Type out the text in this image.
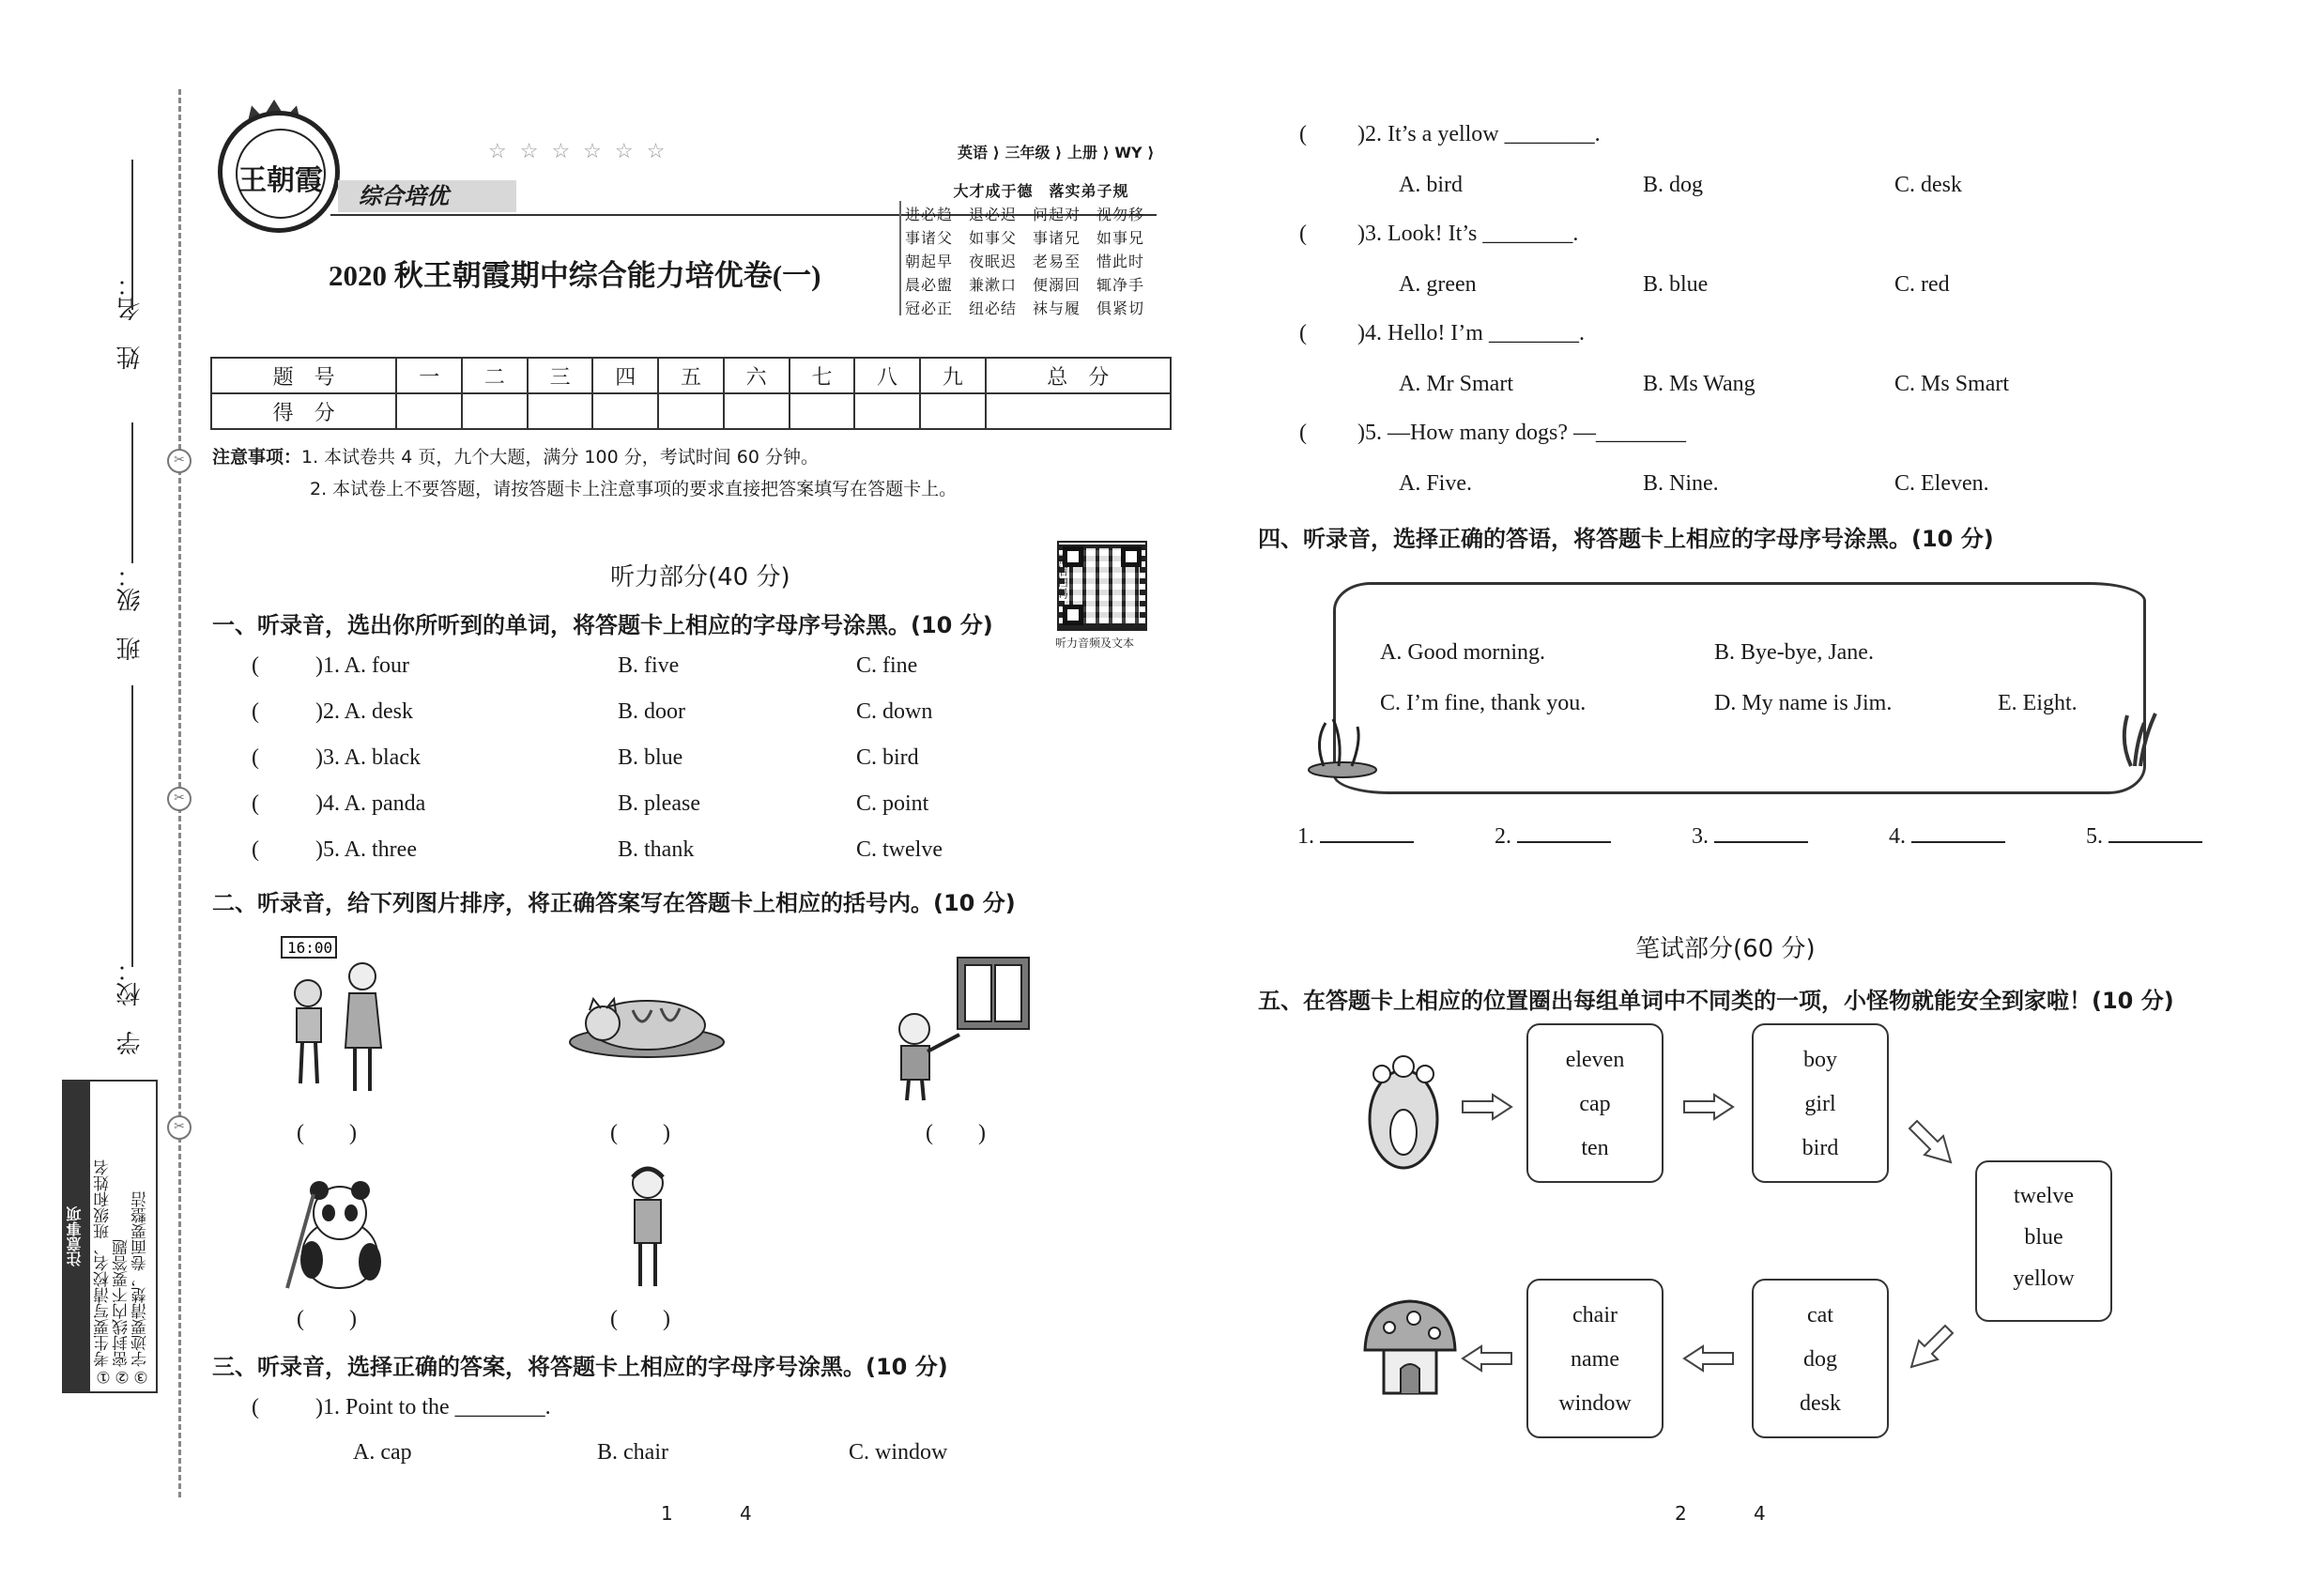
姓　名：
班　级：
学　校：
✂
✂
✂
注意事项 ①考生要写清校名、班级和姓名 ②密封线内不要答题 ③字迹要清楚，卷面要整洁
王朝霞
☆☆☆☆☆☆	英语 ⟩ 三年级 ⟩ 上册 ⟩ WY ⟩
综合培优
2020 秋王朝霞期中综合能力培优卷(一)
大才成于德　落实弟子规
进必趋　退必迟　问起对　视勿移
事诸父　如事父　事诸兄　如事兄
朝起早　夜眠迟　老易至　惜此时
晨必盥　兼漱口　便溺回　辄净手
冠必正　纽必结　袜与履　俱紧切
题　号	一	二	三	四	五	六	七	八	九	总　分
得　分										
注意事项：1. 本试卷共 4 页，九个大题，满分 100 分，考试时间 60 分钟。
2. 本试卷上不要答题，请按答题卡上注意事项的要求直接把答案填写在答题卡上。
听力部分(40 分)	微信扫码
听力音频及文本
一、听录音，选出你所听到的单词，将答题卡上相应的字母序号涂黑。(10 分)
(	)1. A. four	B. five	C. fine
(	)2. A. desk	B. door	C. down
(	)3. A. black	B. blue	C. bird
(	)4. A. panda	B. please	C. point
(	)5. A. three	B. thank	C. twelve
二、听录音，给下列图片排序，将正确答案写在答题卡上相应的括号内。(10 分)
16:00
(　　)	(　　)	(　　)
(　　)	(　　)
三、听录音，选择正确的答案，将答题卡上相应的字母序号涂黑。(10 分)
(	)1. Point to the ________.
A. cap	B. chair	C. window
1	4
( )2. It’s a yellow ________.
A. bird	B. dog	C. desk
( )3. Look! It’s ________.
A. green	B. blue	C. red
( )4. Hello! I’m ________.
A. Mr Smart	B. Ms Wang	C. Ms Smart
( )5. —How many dogs? —________
A. Five.	B. Nine.	C. Eleven.
四、听录音，选择正确的答语，将答题卡上相应的字母序号涂黑。(10 分)
A. Good morning.	B. Bye-bye, Jane.
C. I’m fine, thank you.	D. My name is Jim.	E. Eight.
1.	2.	3.	4.	5.
笔试部分(60 分)
五、在答题卡上相应的位置圈出每组单词中不同类的一项，小怪物就能安全到家啦！(10 分)
eleven
cap
ten
boy
girl
bird
twelve
blue
yellow
cat
dog
desk
chair
name
window
2	4
